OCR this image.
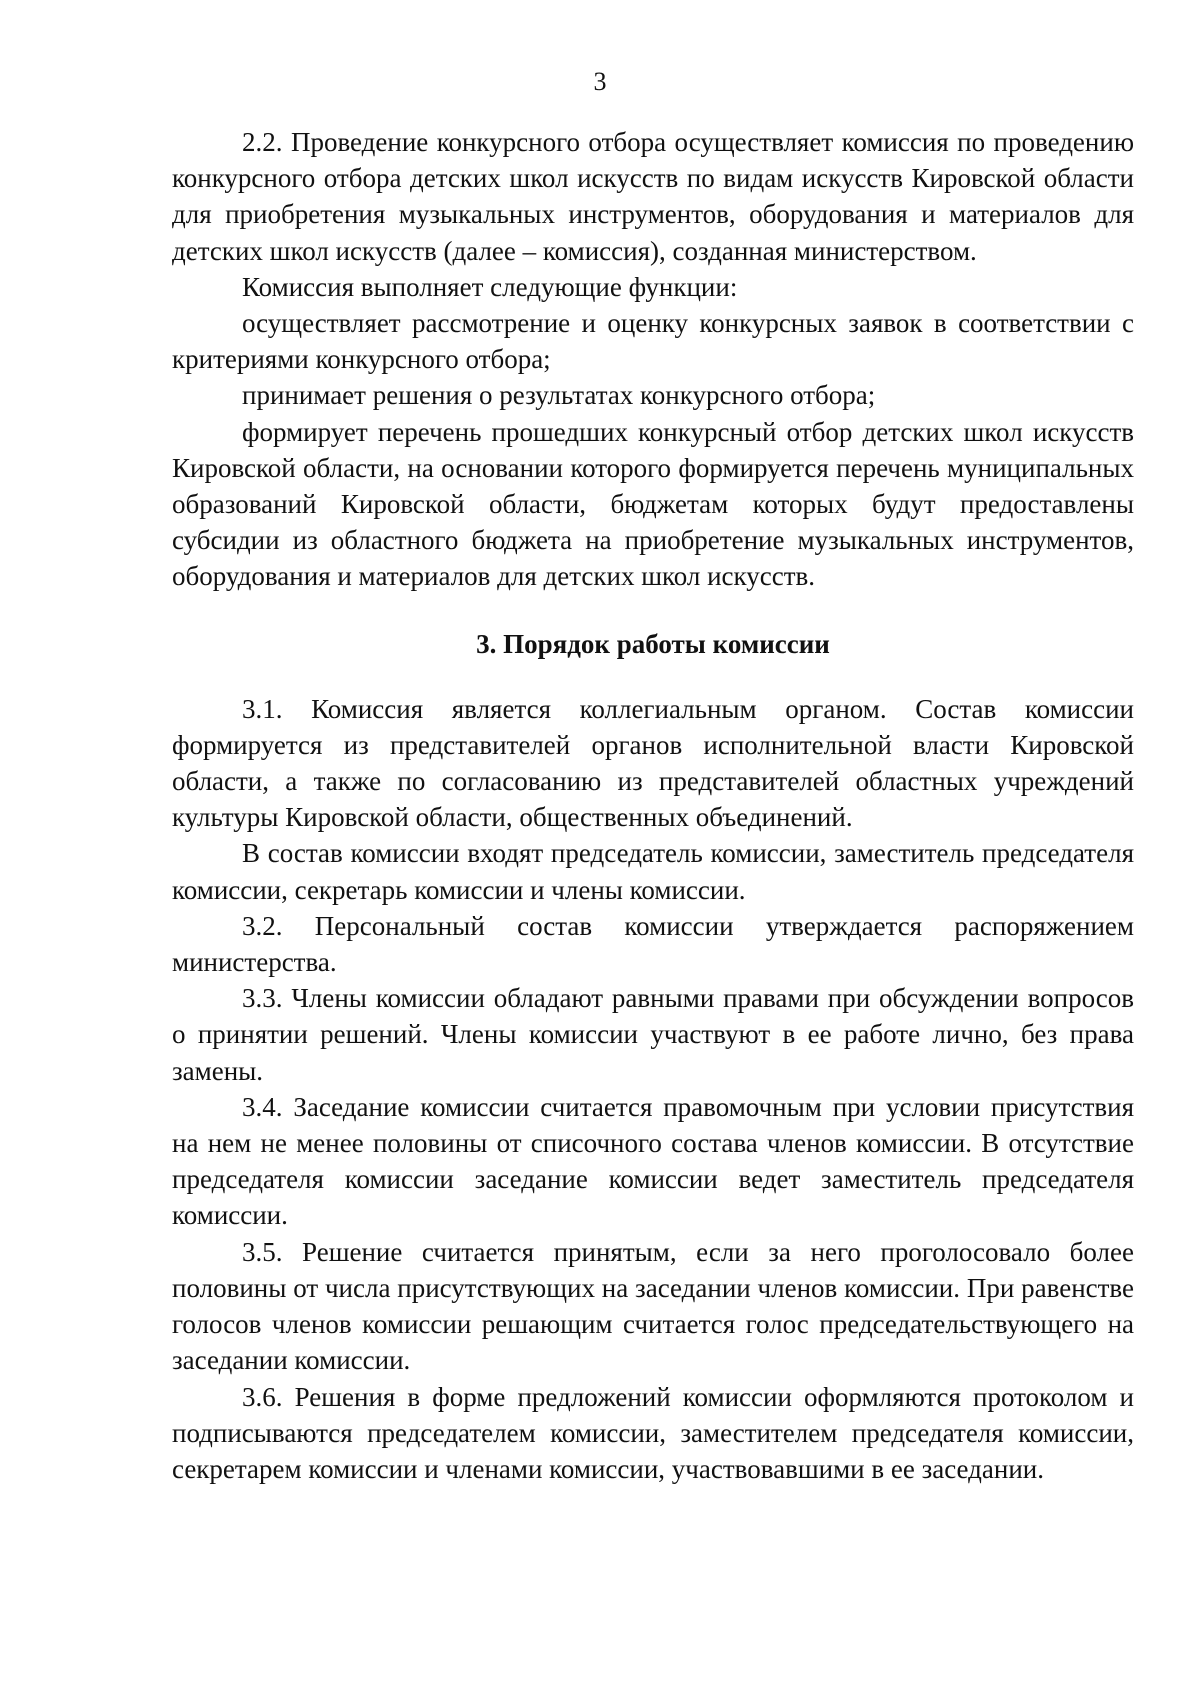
3

2.2. Проведение конкурсного отбора осуществляет комиссия по проведению конкурсного отбора детских школ искусств по видам искусств Кировской области для приобретения музыкальных инструментов, оборудования и материалов для детских школ искусств (далее – комиссия), созданная министерством.

Комиссия выполняет следующие функции:

осуществляет рассмотрение и оценку конкурсных заявок в соответствии с критериями конкурсного отбора;

принимает решения о результатах конкурсного отбора;

формирует перечень прошедших конкурсный отбор детских школ искусств Кировской области, на основании которого формируется перечень муниципальных образований Кировской области, бюджетам которых будут предоставлены субсидии из областного бюджета на приобретение музыкальных инструментов, оборудования и материалов для детских школ искусств.

3. Порядок работы комиссии

3.1. Комиссия является коллегиальным органом. Состав комиссии формируется из представителей органов исполнительной власти Кировской области, а также по согласованию из представителей областных учреждений культуры Кировской области, общественных объединений.

В состав комиссии входят председатель комиссии, заместитель председателя комиссии, секретарь комиссии и члены комиссии.

3.2. Персональный состав комиссии утверждается распоряжением министерства.

3.3. Члены комиссии обладают равными правами при обсуждении вопросов о принятии решений. Члены комиссии участвуют в ее работе лично, без права замены.

3.4. Заседание комиссии считается правомочным при условии присутствия на нем не менее половины от списочного состава членов комиссии. В отсутствие председателя комиссии заседание комиссии ведет заместитель председателя комиссии.

3.5. Решение считается принятым, если за него проголосовало более половины от числа присутствующих на заседании членов комиссии. При равенстве голосов членов комиссии решающим считается голос председательствующего на заседании комиссии.

3.6. Решения в форме предложений комиссии оформляются протоколом и подписываются председателем комиссии, заместителем председателя комиссии, секретарем комиссии и членами комиссии, участвовавшими в ее заседании.
